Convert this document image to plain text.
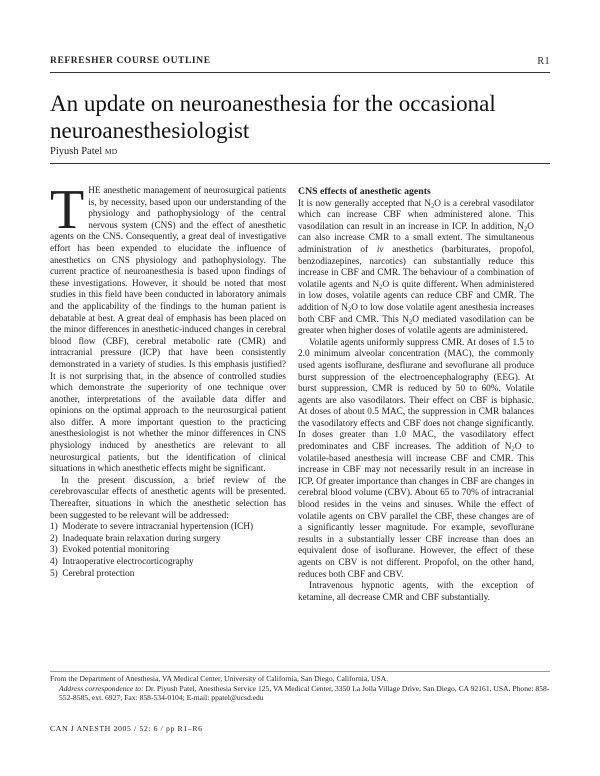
REFRESHER COURSE OUTLINE	R1
An update on neuroanesthesia for the occasional neuroanesthesiologist
Piyush Patel MD

THE anesthetic management of neurosurgical patients is, by necessity, based upon our understanding of the physiology and pathophysiology of the central nervous system (CNS) and the effect of anesthetic agents on the CNS. Consequently, a great deal of investigative effort has been expended to elucidate the influence of anesthetics on CNS physiology and pathophysiology. The current practice of neuroanesthesia is based upon findings of these investigations. However, it should be noted that most studies in this field have been conducted in laboratory animals and the applicability of the findings to the human patient is debatable at best. A great deal of emphasis has been placed on the minor differences in anesthetic-induced changes in cerebral blood flow (CBF), cerebral metabolic rate (CMR) and intracranial pressure (ICP) that have been consistently demonstrated in a variety of studies. Is this emphasis justified? It is not surprising that, in the absence of controlled studies which demonstrate the superiority of one technique over another, interpretations of the available data differ and opinions on the optimal approach to the neurosurgical patient also differ. A more important question to the practicing anesthesiologist is not whether the minor differences in CNS physiology induced by anesthetics are relevant to all neurosurgical patients, but the identification of clinical situations in which anesthetic effects might be significant.

In the present discussion, a brief review of the cerebrovascular effects of anesthetic agents will be presented. Thereafter, situations in which the anesthetic selection has been suggested to be relevant will be addressed:

1) Moderate to severe intracranial hypertension (ICH)
2) Inadequate brain relaxation during surgery
3) Evoked potential monitoring
4) Intraoperative electrocorticography
5) Cerebral protection
CNS effects of anesthetic agents

It is now generally accepted that $N_2O$ is a cerebral vasodilator which can increase CBF when administered alone. This vasodilation can result in an increase in ICP. In addition, $N_2O$ can also increase CMR to a small extent. The simultaneous administration of iv anesthetics (barbiturates, propofol, benzodiazepines, narcotics) can substantially reduce this increase in CBF and CMR. The behaviour of a combination of volatile agents and $N_2O$ is quite different. When administered in low doses, volatile agents can reduce CBF and CMR. The addition of $N_2O$ to low dose volatile agent anesthesia increases both CBF and CMR. This $N_2O$ mediated vasodilation can be greater when higher doses of volatile agents are administered.

Volatile agents uniformly suppress CMR. At doses of 1.5 to 2.0 minimum alveolar concentration (MAC), the commonly used agents isoflurane, desflurane and sevoflurane all produce burst suppression of the electroencephalography (EEG). At burst suppression, CMR is reduced by 50 to 60%. Volatile agents are also vasodilators. Their effect on CBF is biphasic. At doses of about 0.5 MAC, the suppression in CMR balances the vasodilatory effects and CBF does not change significantly. In doses greater than 1.0 MAC, the vasodilatory effect predominates and CBF increases. The addition of $N_2O$ to volatile-based anesthesia will increase CBF and CMR. This increase in CBF may not necessarily result in an increase in ICP. Of greater importance than changes in CBF are changes in cerebral blood volume (CBV). About 65 to 70% of intracranial blood resides in the veins and sinuses. While the effect of volatile agents on CBV parallel the CBF, these changes are of a significantly lesser magnitude. For example, sevoflurane results in a substantially lesser CBF increase than does an equivalent dose of isoflurane. However, the effect of these agents on CBV is not different. Propofol, on the other hand, reduces both CBF and CBV.

Intravenous hypnotic agents, with the exception of ketamine, all decrease CMR and CBF substantially.

From the Department of Anesthesia, VA Medical Center, University of California, San Diego, California, USA.

Address correspondence to: Dr. Piyush Patel, Anesthesia Service 125, VA Medical Center, 3350 La Jolla Village Drive, San Diego, CA 92161, USA. Phone: 858-552-8585, ext. 6927; Fax: 858-534-0104; E-mail: ppatel@ucsd.edu

CAN J ANESTH 2005 / 52: 6 / pp R1–R6
